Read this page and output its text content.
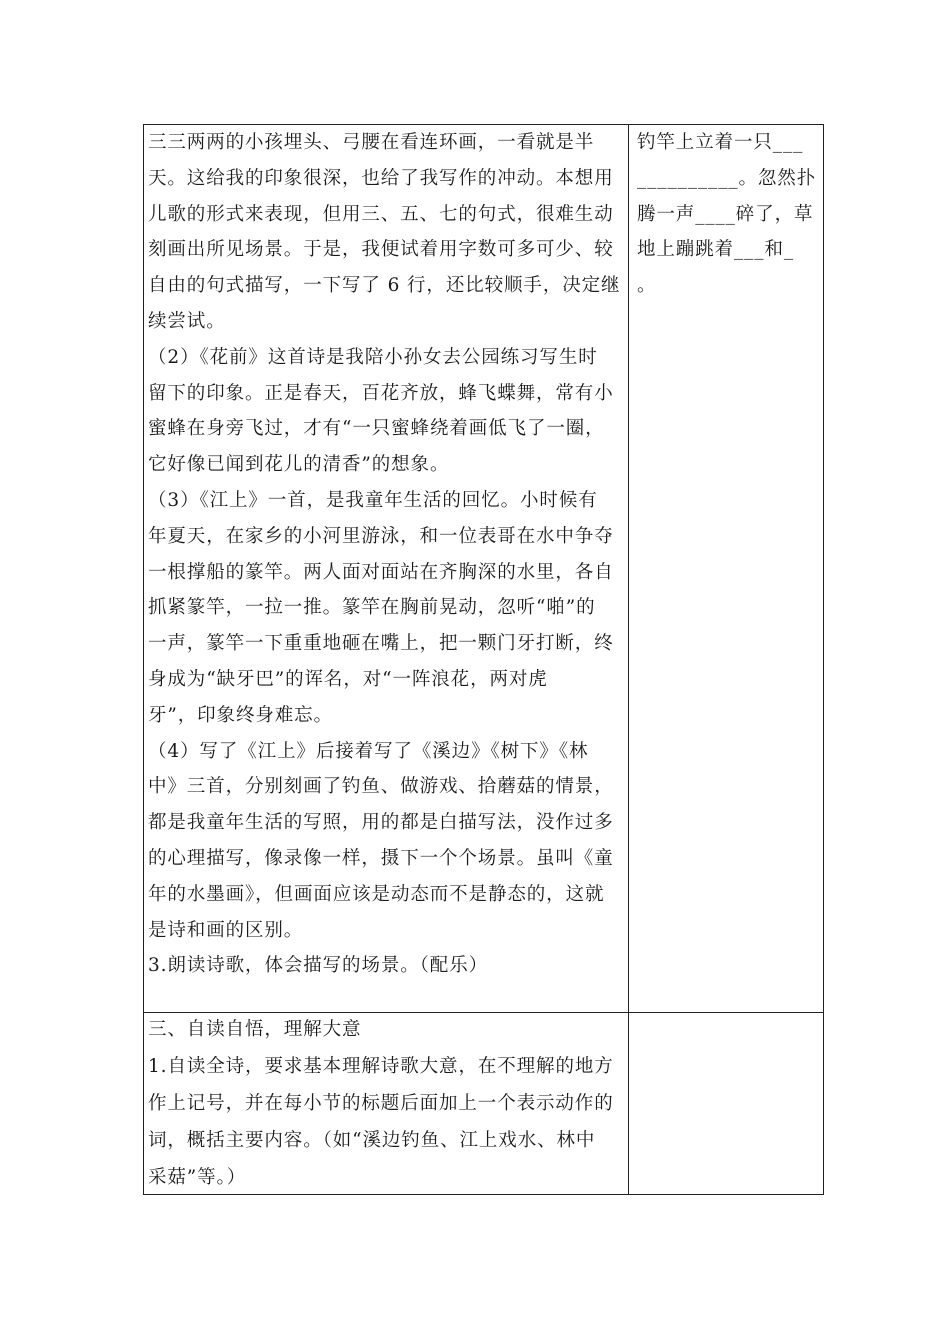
三三两两的小孩埋头、弓腰在看连环画，一看就是半
天。这给我的印象很深，也给了我写作的冲动。本想用
儿歌的形式来表现，但用三、五、七的句式，很难生动
刻画出所见场景。于是，我便试着用字数可多可少、较
自由的句式描写，一下写了 6 行，还比较顺手，决定继
续尝试。
（2）《花前》这首诗是我陪小孙女去公园练习写生时
留下的印象。正是春天，百花齐放，蜂飞蝶舞，常有小
蜜蜂在身旁飞过，才有“一只蜜蜂绕着画低飞了一圈，
它好像已闻到花儿的清香”的想象。
（3）《江上》一首，是我童年生活的回忆。小时候有
年夏天，在家乡的小河里游泳，和一位表哥在水中争夺
一根撑船的篆竿。两人面对面站在齐胸深的水里，各自
抓紧篆竿，一拉一推。篆竿在胸前晃动，忽听“啪”的
一声，篆竿一下重重地砸在嘴上，把一颗门牙打断，终
身成为“缺牙巴”的诨名，对“一阵浪花，两对虎
牙”，印象终身难忘。
（4）写了《江上》后接着写了《溪边》《树下》《林
中》三首，分别刻画了钓鱼、做游戏、拾蘑菇的情景，
都是我童年生活的写照，用的都是白描写法，没作过多
的心理描写，像录像一样，摄下一个个场景。虽叫《童
年的水墨画》，但画面应该是动态而不是静态的，这就
是诗和画的区别。
3.朗读诗歌，体会描写的场景。（配乐）
钓竿上立着一只___
__________。忽然扑
腾一声____碎了，草
地上蹦跳着___和_
。
三、自读自悟，理解大意
1.自读全诗，要求基本理解诗歌大意，在不理解的地方
作上记号，并在每小节的标题后面加上一个表示动作的
词，概括主要内容。（如“溪边钓鱼、江上戏水、林中
采菇”等。）
